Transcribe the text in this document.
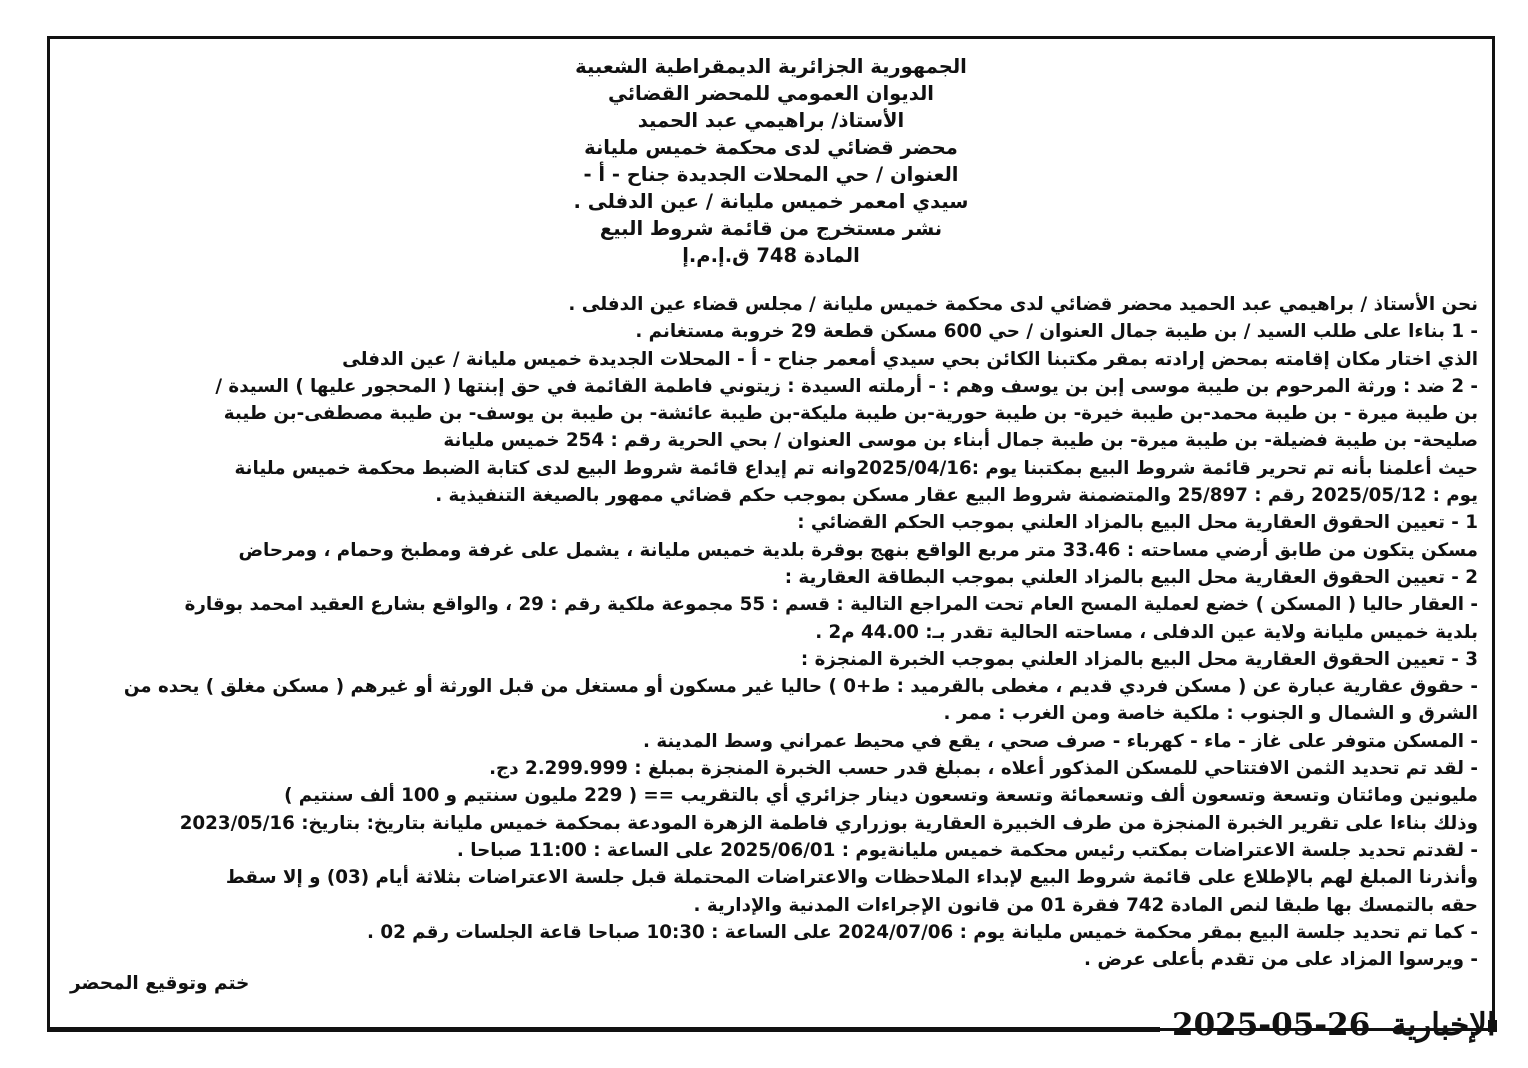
الجمهورية الجزائرية الديمقراطية الشعبية
الديوان العمومي للمحضر القضائي
الأستاذ/ براهيمي عبد الحميد
محضر قضائي لدى محكمة خميس مليانة
العنوان / حي المحلات الجديدة جناح - أ -
سيدي امعمر خميس مليانة / عين الدفلى .
نشر مستخرج من قائمة شروط البيع
المادة 748 ق.إ.م.إ
نحن الأستاذ / براهيمي عبد الحميد محضر قضائي لدى محكمة خميس مليانة / مجلس قضاء عين الدفلى .
- 1 بناءا على طلب السيد / بن طيبة جمال العنوان / حي 600 مسكن قطعة 29 خروبة مستغانم .
الذي اختار مكان إقامته بمحض إرادته بمقر مكتبنا الكائن بحي سيدي أمعمر جناح - أ - المحلات الجديدة خميس مليانة / عين الدفلى
- 2 ضد : ورثة المرحوم بن طيبة موسى إبن بن يوسف وهم : - أرملته السيدة : زيتوني فاطمة القائمة في حق إبنتها ( المحجور عليها ) السيدة /
بن طيبة ميرة - بن طيبة محمد-بن طيبة خيرة- بن طيبة حورية-بن طيبة مليكة-بن طيبة عائشة- بن طيبة بن يوسف- بن طيبة مصطفى-بن طيبة
صليحة- بن طيبة فضيلة- بن طيبة ميرة- بن طيبة جمال أبناء بن موسى العنوان / بحي الحرية رقم : 254 خميس مليانة
حيث أعلمنا بأنه تم تحرير قائمة شروط البيع بمكتبنا يوم :2025/04/16وانه تم إيداع قائمة شروط البيع لدى كتابة الضبط محكمة خميس مليانة
يوم : 2025/05/12 رقم : 25/897 والمتضمنة شروط البيع عقار مسكن بموجب حكم قضائي ممهور بالصيغة التنفيذية .
1 - تعيين الحقوق العقارية محل البيع بالمزاد العلني بموجب الحكم القضائي :
مسكن يتكون من طابق أرضي مساحته : 33.46 متر مربع الواقع بنهج بوقرة بلدية خميس مليانة ، يشمل على غرفة ومطبخ وحمام ، ومرحاض
2 - تعيين الحقوق العقارية محل البيع بالمزاد العلني بموجب البطاقة العقارية :
- العقار حاليا ( المسكن ) خضع لعملية المسح العام تحت المراجع التالية : قسم : 55 مجموعة ملكية رقم : 29 ، والواقع بشارع العقيد امحمد بوقارة
بلدية خميس مليانة ولاية عين الدفلى ، مساحته الحالية تقدر بـ: 44.00 م2 .
3 - تعيين الحقوق العقارية محل البيع بالمزاد العلني بموجب الخبرة المنجزة :
- حقوق عقارية عبارة عن ( مسكن فردي قديم ، مغطى بالقرميد : ط+0 ) حاليا غير مسكون أو مستغل من قبل الورثة أو غيرهم ( مسكن مغلق ) يحده من
الشرق و الشمال و الجنوب : ملكية خاصة ومن الغرب : ممر .
- المسكن متوفر على غاز - ماء - كهرباء - صرف صحي ، يقع في محيط عمراني وسط المدينة .
- لقد تم تحديد الثمن الافتتاحي للمسكن المذكور أعلاه ، بمبلغ قدر حسب الخبرة المنجزة بمبلغ : 2.299.999 دج.
مليونين ومائتان وتسعة وتسعون ألف وتسعمائة وتسعة وتسعون دينار جزائري أي بالتقريب == ( 229 مليون سنتيم و 100 ألف سنتيم )
وذلك بناءا على تقرير الخبرة المنجزة من طرف الخبيرة العقارية بوزراري فاطمة الزهرة المودعة بمحكمة خميس مليانة بتاريخ: بتاريخ: 2023/05/16
- لقدتم تحديد جلسة الاعتراضات بمكتب رئيس محكمة خميس مليانةيوم : 2025/06/01 على الساعة : 11:00 صباحا .
وأنذرنا المبلغ لهم بالإطلاع على قائمة شروط البيع لإبداء الملاحظات والاعتراضات المحتملة قبل جلسة الاعتراضات بثلاثة أيام (03) و إلا سقط
حقه بالتمسك بها طبقا لنص المادة 742 فقرة 01 من قانون الإجراءات المدنية والإدارية .
- كما تم تحديد جلسة البيع بمقر محكمة خميس مليانة يوم : 2024/07/06 على الساعة : 10:30 صباحا قاعة الجلسات رقم 02 .
- ويرسوا المزاد على من تقدم بأعلى عرض .
ختم وتوقيع المحضر
2025-05-26 الإخبارية
